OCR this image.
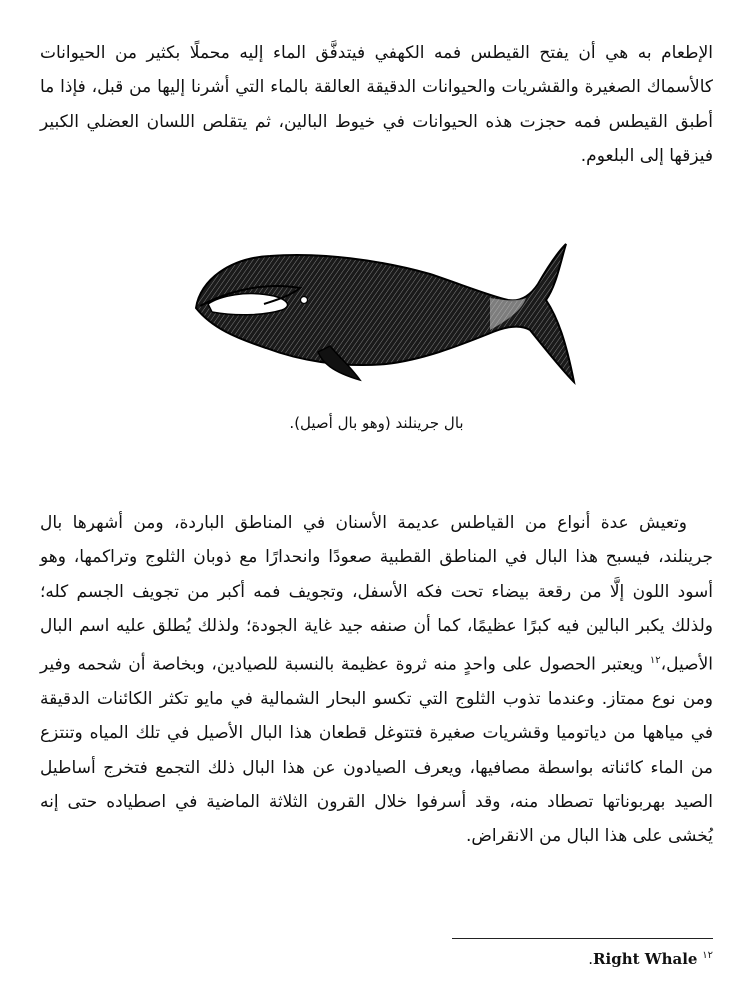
الإطعام به هي أن يفتح القيطس فمه الكهفي فيتدفَّق الماء إليه محملًا بكثير من الحيوانات كالأسماك الصغيرة والقشريات والحيوانات الدقيقة العالقة بالماء التي أشرنا إليها من قبل، فإذا ما أطبق القيطس فمه حجزت هذه الحيوانات في خيوط البالين، ثم يتقلص اللسان العضلي الكبير فيزقها إلى البلعوم.

بال جرينلند (وهو بال أصيل).

وتعيش عدة أنواع من القياطس عديمة الأسنان في المناطق الباردة، ومن أشهرها بال جرينلند، فيسبح هذا البال في المناطق القطبية صعودًا وانحدارًا مع ذوبان الثلوج وتراكمها، وهو أسود اللون إلَّا من رقعة بيضاء تحت فكه الأسفل، وتجويف فمه أكبر من تجويف الجسم كله؛ ولذلك يكبر البالين فيه كبرًا عظيمًا، كما أن صنفه جيد غاية الجودة؛ ولذلك يُطلق عليه اسم البال الأصيل،$^{١٢}$ ويعتبر الحصول على واحدٍ منه ثروة عظيمة بالنسبة للصيادين، وبخاصة أن شحمه وفير ومن نوع ممتاز. وعندما تذوب الثلوج التي تكسو البحار الشمالية في مايو تكثر الكائنات الدقيقة في مياهها من دياتوميا وقشريات صغيرة فتتوغل قطعان هذا البال الأصيل في تلك المياه وتنتزع من الماء كائناته بواسطة مصافيها، ويعرف الصيادون عن هذا البال ذلك التجمع فتخرج أساطيل الصيد بهربوناتها تصطاد منه، وقد أسرفوا خلال القرون الثلاثة الماضية في اصطياده حتى إنه يُخشى على هذا البال من الانقراض.

$^{١٢}$ Right Whale.
